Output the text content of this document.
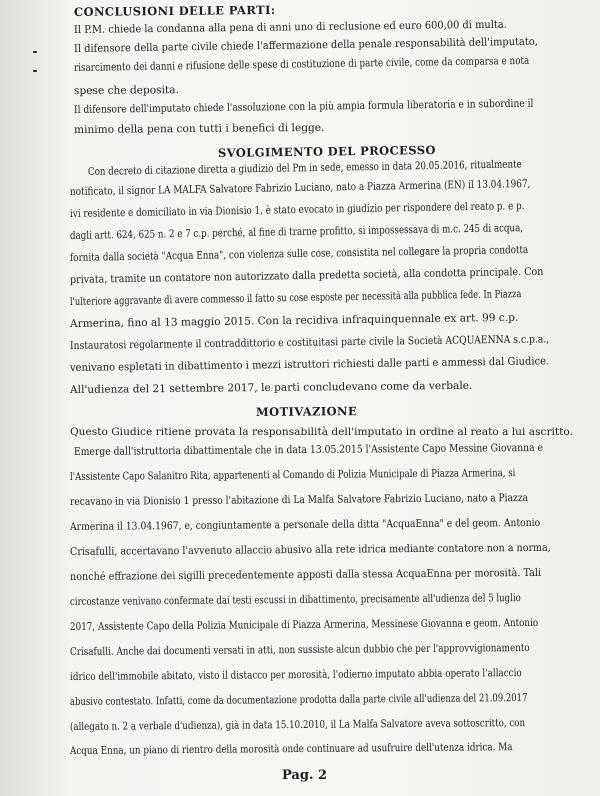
CONCLUSIONI DELLE PARTI:
Il P.M. chiede la condanna alla pena di anni uno di reclusione ed euro 600,00 di multa.
Il difensore della parte civile chiede l'affermazione della penale responsabilità dell'imputato,
risarcimento dei danni e rifusione delle spese di costituzione di parte civile, come da comparsa e nota
spese che deposita.
Il difensore dell'imputato chiede l'assoluzione con la più ampia formula liberatoria e in subordine il
minimo della pena con tutti i benefici di legge.
SVOLGIMENTO DEL PROCESSO
Con decreto di citazione diretta a giudizio del Pm in sede, emesso in data 20.05.2016, ritualmente
notificato, il signor LA MALFA Salvatore Fabrizio Luciano, nato a Piazza Armerina (EN) il 13.04.1967,
ivi residente e domiciliato in via Dionisio 1, è stato evocato in giudizio per rispondere del reato p. e p.
dagli artt. 624, 625 n. 2 e 7 c.p. perché, al fine di trarne profitto, si impossessava di m.c. 245 di acqua,
fornita dalla società "Acqua Enna", con violenza sulle cose, consistita nel collegare la propria condotta
privata, tramite un contatore non autorizzato dalla predetta società, alla condotta principale. Con
l'ulteriore aggravante di avere commesso il fatto su cose esposte per necessità alla pubblica fede. In Piazza
Armerina, fino al 13 maggio 2015. Con la recidiva infraquinquennale ex art. 99 c.p.
Instauratosi regolarmente il contraddittorio e costituitasi parte civile la Società ACQUAENNA s.c.p.a.,
venivano espletati in dibattimento i mezzi istruttori richiesti dalle parti e ammessi dal Giudice.
All'udienza del 21 settembre 2017, le parti concludevano come da verbale.
MOTIVAZIONE
Questo Giudice ritiene provata la responsabilità dell'imputato in ordine al reato a lui ascritto.
Emerge dall'istruttoria dibattimentale che in data 13.05.2015 l'Assistente Capo Messine Giovanna e
l'Assistente Capo Salanitro Rita, appartenenti al Comando di Polizia Municipale di Piazza Armerina, si
recavano in via Dionisio 1 presso l'abitazione di La Malfa Salvatore Fabrizio Luciano, nato a Piazza
Armerina il 13.04.1967, e, congiuntamente a personale della ditta "AcquaEnna" e del geom. Antonio
Crisafulli, accertavano l'avvenuto allaccio abusivo alla rete idrica mediante contatore non a norma,
nonché effrazione dei sigilli precedentemente apposti dalla stessa AcquaEnna per morosità. Tali
circostanze venivano confermate dai testi escussi in dibattimento, precisamente all'udienza del 5 luglio
2017, Assistente Capo della Polizia Municipale di Piazza Armerina, Messinese Giovanna e geom. Antonio
Crisafulli. Anche dai documenti versati in atti, non sussiste alcun dubbio che per l'approvvigionamento
idrico dell'immobile abitato, visto il distacco per morosità, l'odierno imputato abbia operato l'allaccio
abusivo contestato. Infatti, come da documentazione prodotta dalla parte civile all'udienza del 21.09.2017
(allegato n. 2 a verbale d'udienza), già in data 15.10.2010, il La Malfa Salvatore aveva sottoscritto, con
Acqua Enna, un piano di rientro della morosità onde continuare ad usufruire dell'utenza idrica. Ma
Pag. 2
